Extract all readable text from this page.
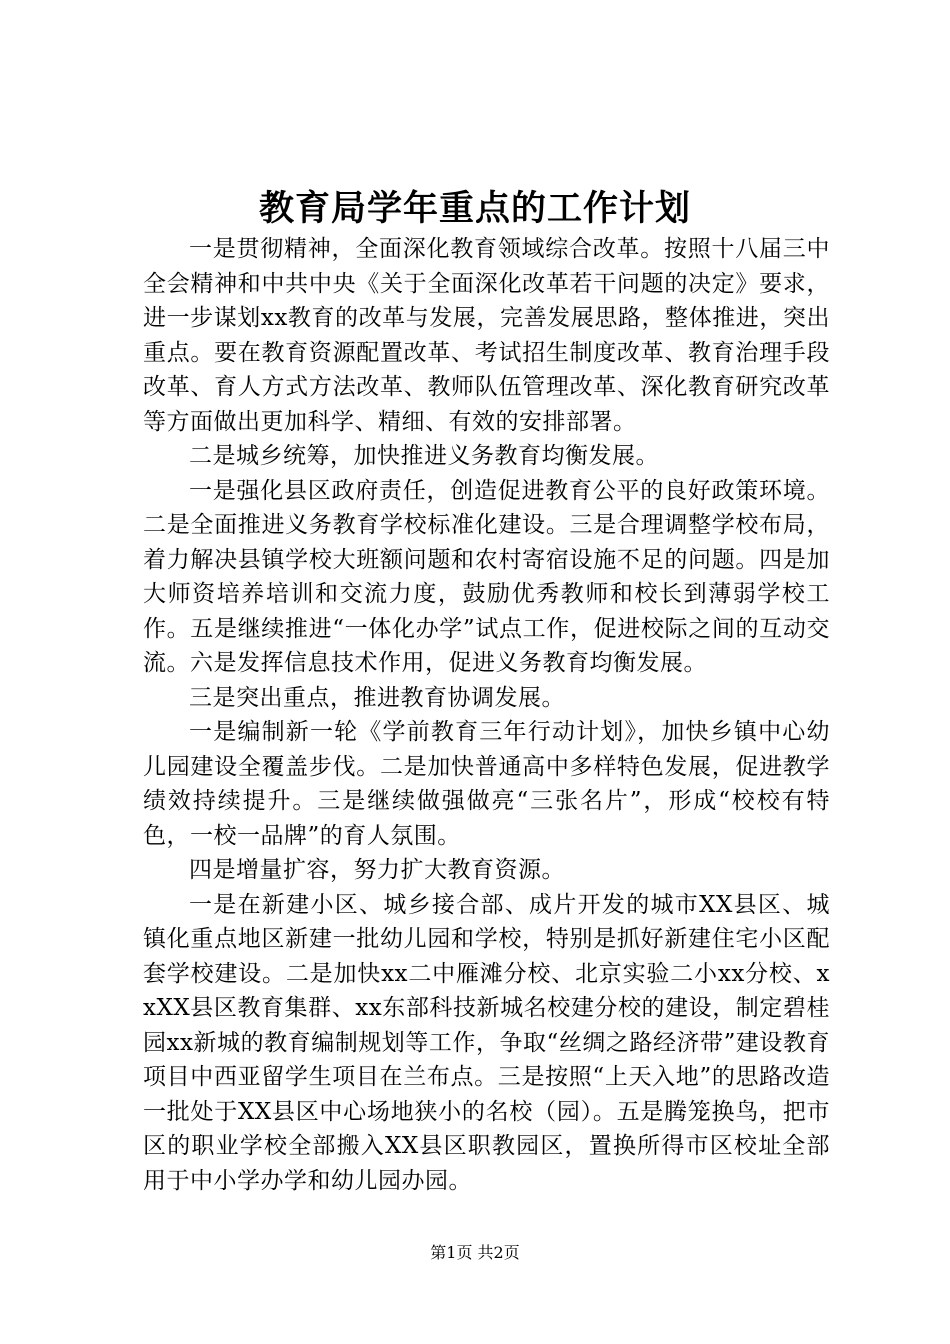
教育局学年重点的工作计划

一是贯彻精神，全面深化教育领域综合改革。按照十八届三中全会精神和中共中央《关于全面深化改革若干问题的决定》要求，进一步谋划xx教育的改革与发展，完善发展思路，整体推进，突出重点。要在教育资源配置改革、考试招生制度改革、教育治理手段改革、育人方式方法改革、教师队伍管理改革、深化教育研究改革等方面做出更加科学、精细、有效的安排部署。

二是城乡统筹，加快推进义务教育均衡发展。

一是强化县区政府责任，创造促进教育公平的良好政策环境。二是全面推进义务教育学校标准化建设。三是合理调整学校布局，着力解决县镇学校大班额问题和农村寄宿设施不足的问题。四是加大师资培养培训和交流力度，鼓励优秀教师和校长到薄弱学校工作。五是继续推进“一体化办学”试点工作，促进校际之间的互动交流。六是发挥信息技术作用，促进义务教育均衡发展。

三是突出重点，推进教育协调发展。

一是编制新一轮《学前教育三年行动计划》，加快乡镇中心幼儿园建设全覆盖步伐。二是加快普通高中多样特色发展，促进教学绩效持续提升。三是继续做强做亮“三张名片”，形成“校校有特色，一校一品牌”的育人氛围。

四是增量扩容，努力扩大教育资源。

一是在新建小区、城乡接合部、成片开发的城市XX县区、城镇化重点地区新建一批幼儿园和学校，特别是抓好新建住宅小区配套学校建设。二是加快xx二中雁滩分校、北京实验二小xx分校、xxXX县区教育集群、xx东部科技新城名校建分校的建设，制定碧桂园xx新城的教育编制规划等工作，争取“丝绸之路经济带”建设教育项目中西亚留学生项目在兰布点。三是按照“上天入地”的思路改造一批处于XX县区中心场地狭小的名校（园）。五是腾笼换鸟，把市区的职业学校全部搬入XX县区职教园区，置换所得市区校址全部用于中小学办学和幼儿园办园。

第1页 共2页
